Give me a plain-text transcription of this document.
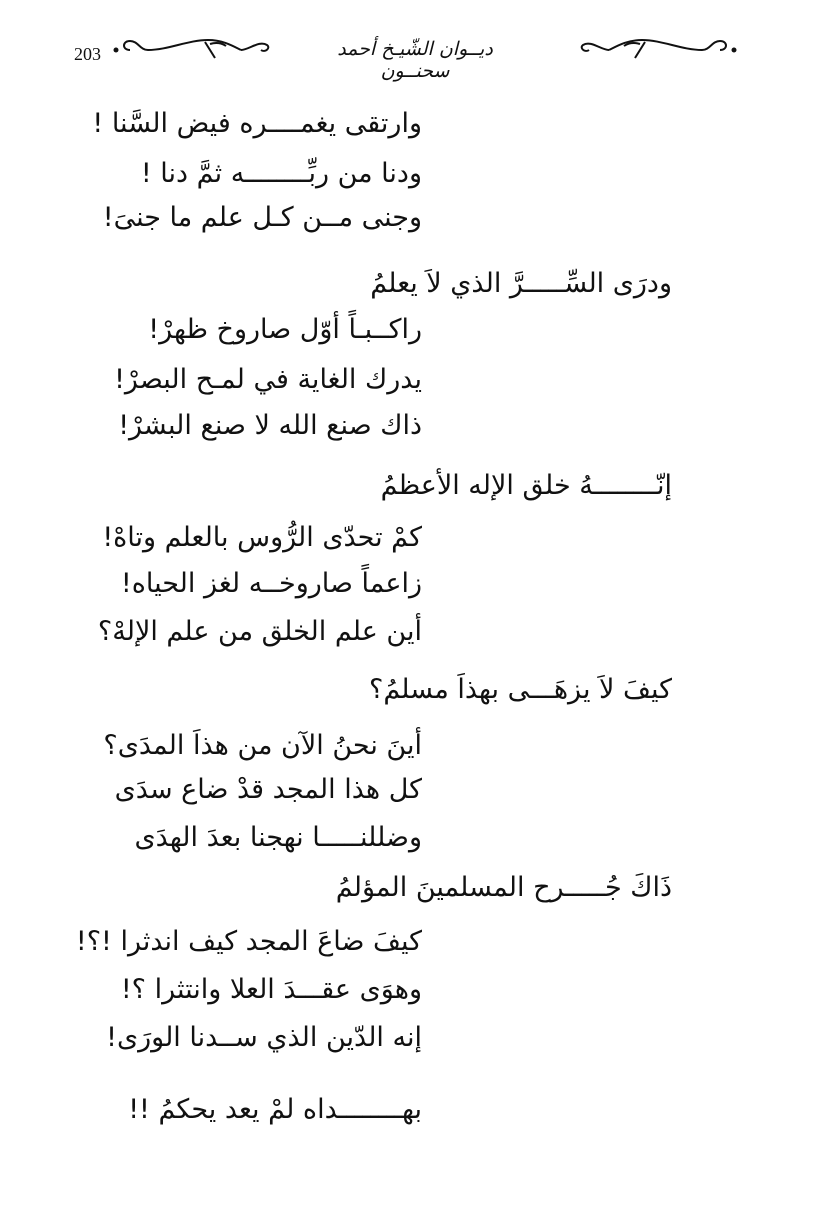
203	ديــوان الشّيـخ أحمد سحنــون
وارتقى يغمــــره فيض السَّنا !
ودنا من ربِّــــــــه ثمَّ دنا !
وجنى مــن كـل علم ما جنىَ!
ودرَى السِّـــــرَّ الذي لاَ يعلمُ
راكــبـاً أوّل صاروخ ظهرْ!
يدرك الغاية في لمـح البصرْ!
ذاك صنع الله لا صنع البشرْ!
إنّــــــــهُ خلق الإله الأعظمُ
كمْ تحدّى الرُّوس بالعلم وتاهْ!
زاعماً صاروخــه لغز الحياه!
أين علم الخلق من علم الإلهْ؟
كيفَ لاَ يزهَـــى بهذاَ مسلمُ؟
أينَ نحنُ الآن من هذاَ المدَى؟
كل هذا المجد قدْ ضاع سدَى
وضللنـــــا نهجنا بعدَ الهدَى
ذَاكَ جُـــــرح المسلمينَ المؤلمُ
كيفَ ضاعَ المجد كيف اندثرا !؟!
وهوَى عقـــدَ العلا وانتثرا ؟!
إنه الدّين الذي ســدنا الورَى!
بهــــــــداه لمْ يعد يحكمُ !!
